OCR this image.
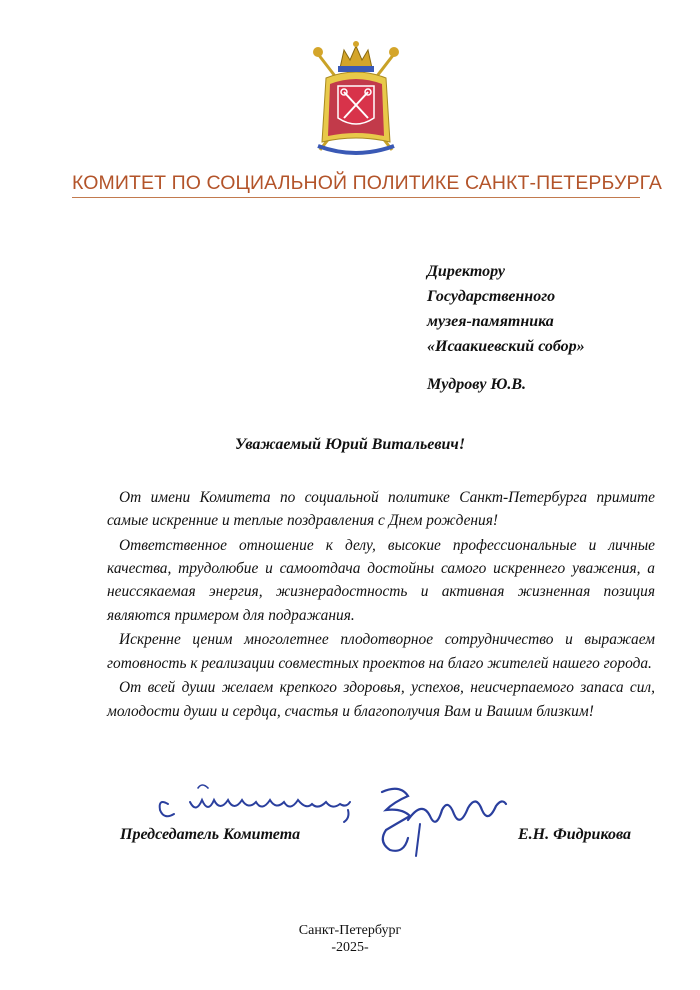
КОМИТЕТ ПО СОЦИАЛЬНОЙ ПОЛИТИКЕ САНКТ-ПЕТЕРБУРГА
Директору
Государственного
музея-памятника
«Исаакиевский собор»
Мудрову Ю.В.
Уважаемый Юрий Витальевич!

От имени Комитета по социальной политике Санкт-Петербурга примите самые искренние и теплые поздравления с Днем рождения!

Ответственное отношение к делу, высокие профессиональные и личные качества, трудолюбие и самоотдача достойны самого искреннего уважения, а неиссякаемая энергия, жизнерадостность и активная жизненная позиция являются примером для подражания.

Искренне ценим многолетнее плодотворное сотрудничество и выражаем готовность к реализации совместных проектов на благо жителей нашего города.

От всей души желаем крепкого здоровья, успехов, неисчерпаемого запаса сил, молодости души и сердца, счастья и благополучия Вам и Вашим близким!

Председатель Комитета	Е.Н. Фидрикова
Санкт-Петербург
-2025-
